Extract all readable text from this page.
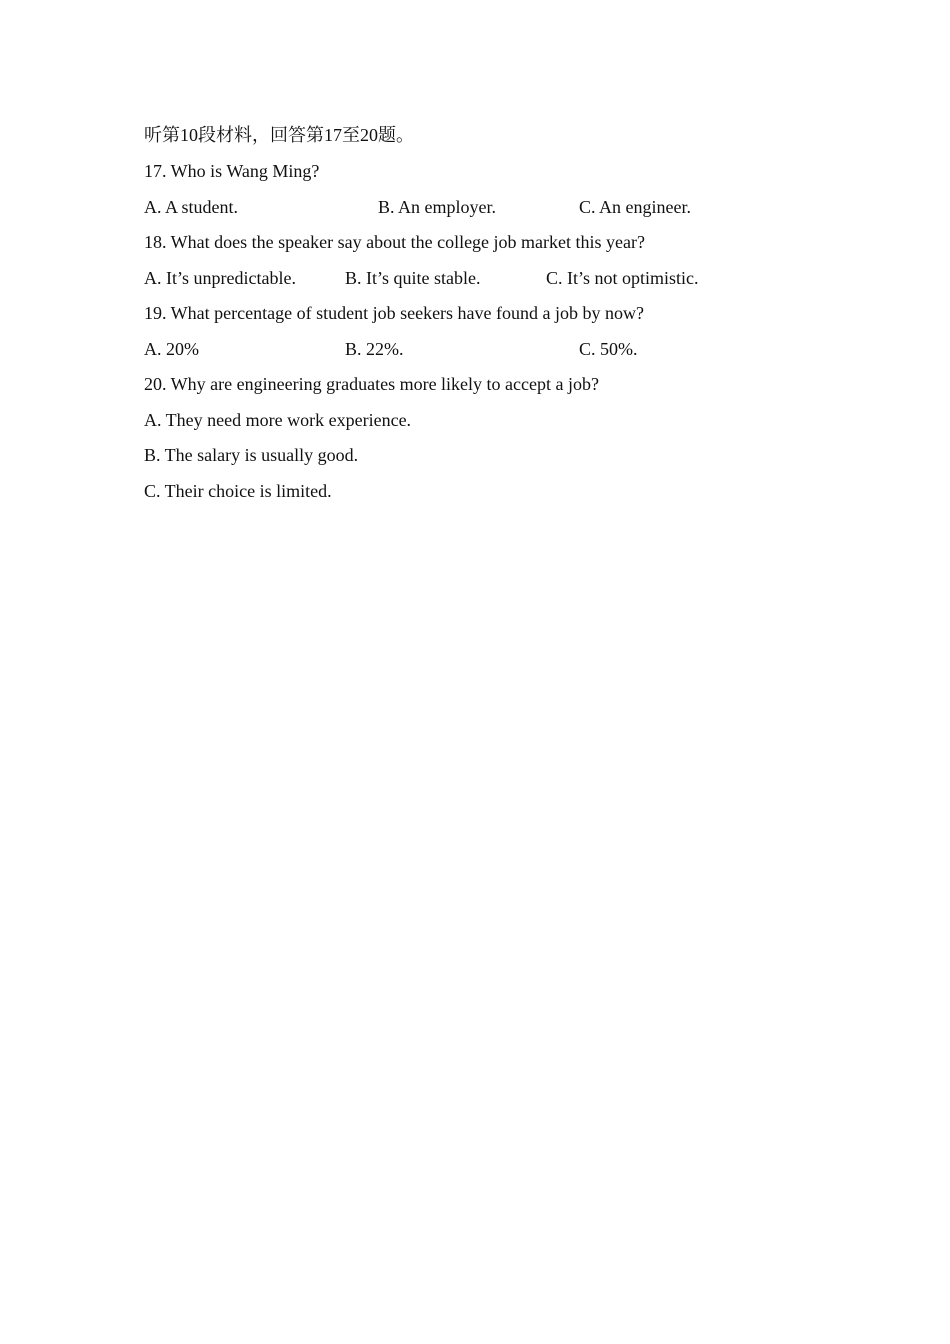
听第10段材料，回答第17至20题。
17. Who is Wang Ming?
A. A student.	B. An employer.	C. An engineer.
18. What does the speaker say about the college job market this year?
A. It’s unpredictable.	B. It’s quite stable.	C. It’s not optimistic.
19. What percentage of student job seekers have found a job by now?
A. 20%	B. 22%.	C. 50%.
20. Why are engineering graduates more likely to accept a job?
A. They need more work experience.
B. The salary is usually good.
C. Their choice is limited.
